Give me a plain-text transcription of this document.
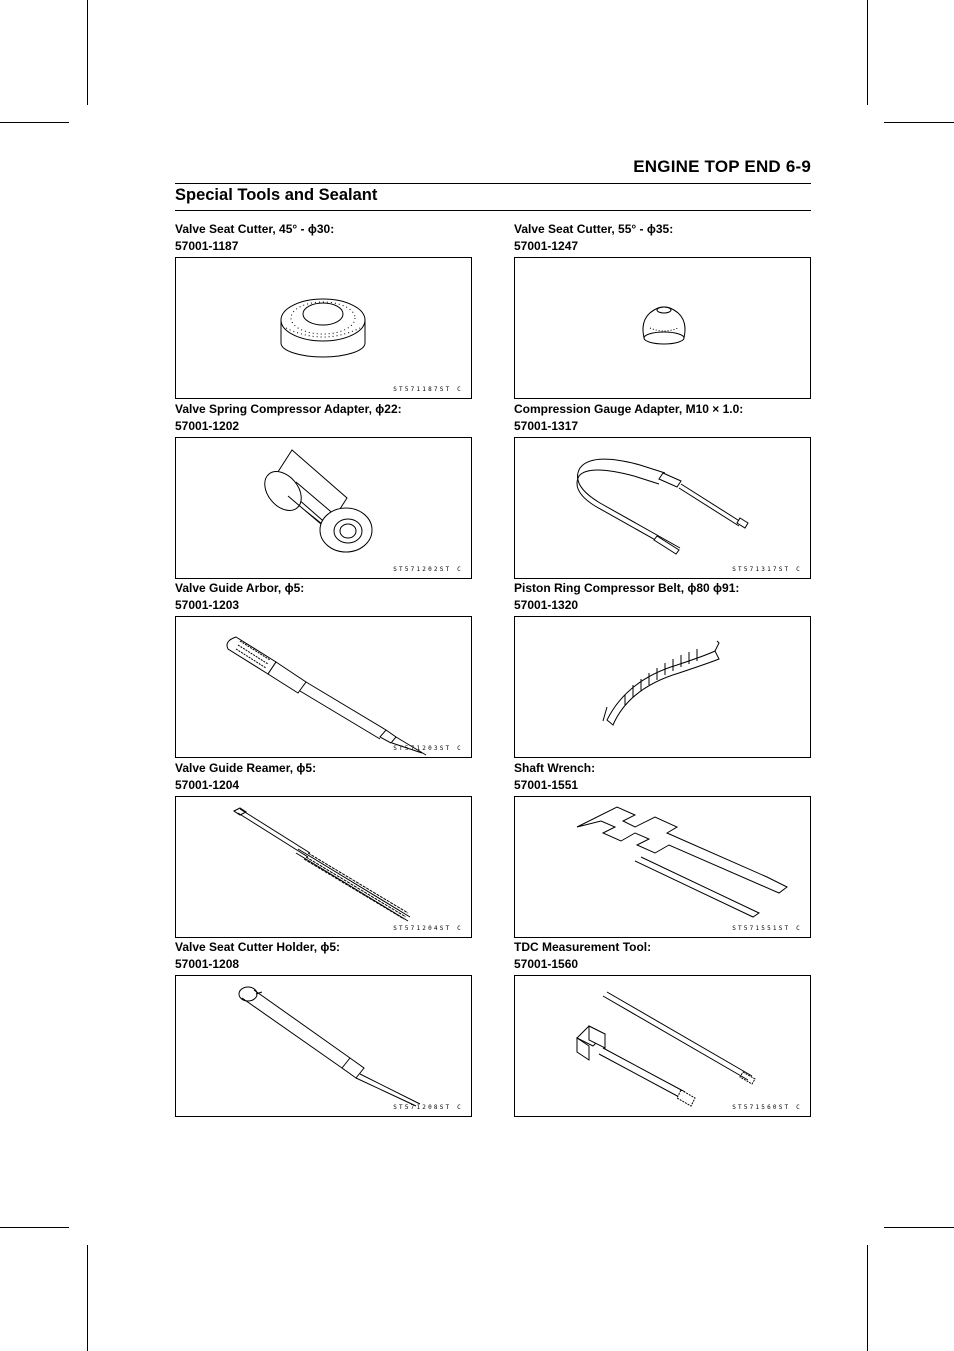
ENGINE TOP END 6-9
Special Tools and Sealant
Valve Seat Cutter, 45° - ϕ30:
57001-1187
ST571187ST C
Valve Seat Cutter, 55° - ϕ35:
57001-1247
Valve Spring Compressor Adapter, ϕ22:
57001-1202
ST571202ST C
Compression Gauge Adapter, M10 × 1.0:
57001-1317
ST571317ST C
Valve Guide Arbor, ϕ5:
57001-1203
ST571203ST C
Piston Ring Compressor Belt, ϕ80 ϕ91:
57001-1320
Valve Guide Reamer, ϕ5:
57001-1204
ST571204ST C
Shaft Wrench:
57001-1551
ST571551ST C
Valve Seat Cutter Holder, ϕ5:
57001-1208
ST571208ST C
TDC Measurement Tool:
57001-1560
ST571560ST C
